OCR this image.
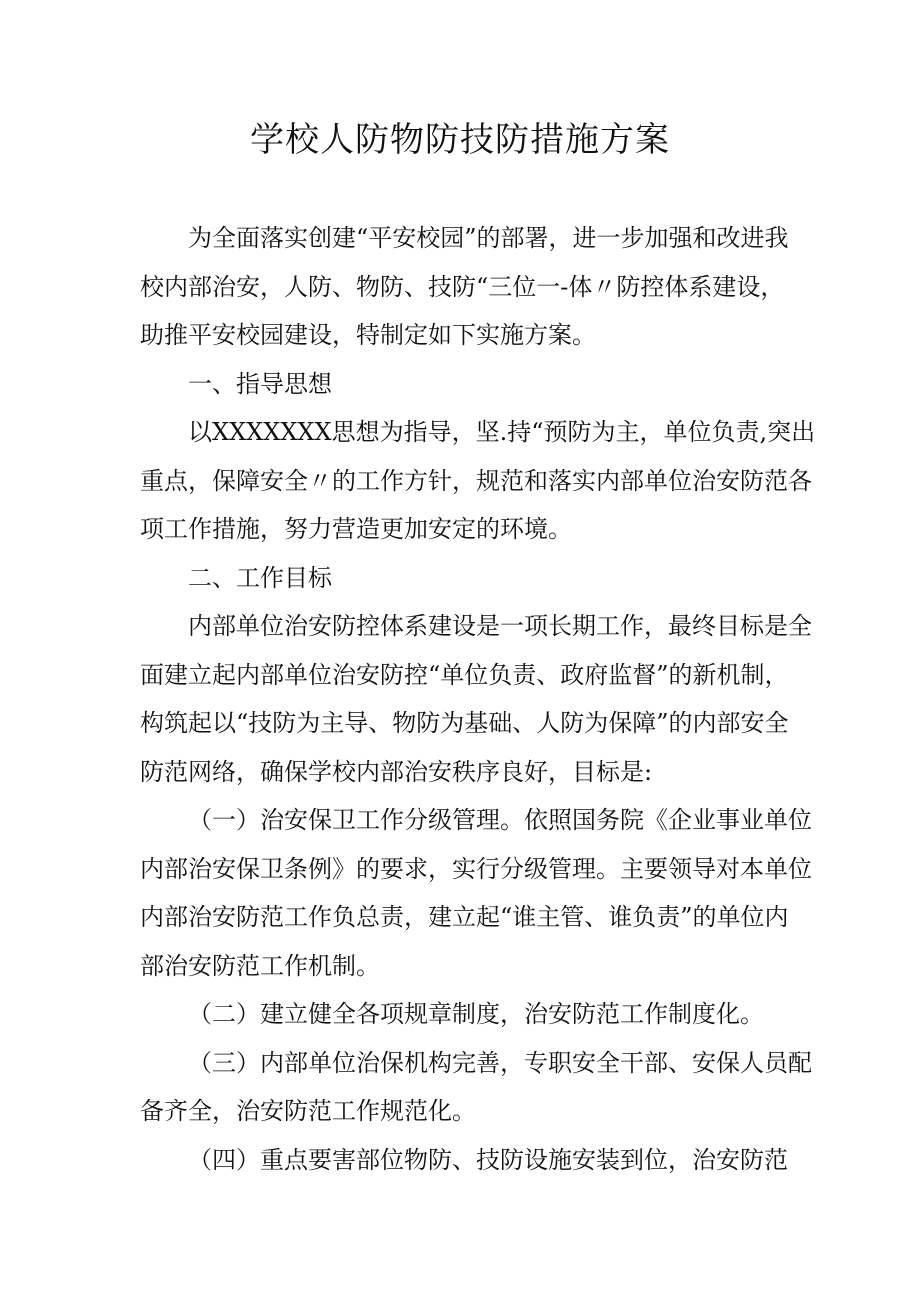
学校人防物防技防措施方案

为全面落实创建“平安校园”的部署，进一步加强和改进我
校内部治安，人防、物防、技防“三位一-体〃防控体系建设，
助推平安校园建设，特制定如下实施方案。

一、指导思想

以XXXXXXX思想为指导，坚.持“预防为主，单位负责,突出
重点，保障安全〃的工作方针，规范和落实内部单位治安防范各
项工作措施，努力营造更加安定的环境。

二、工作目标

内部单位治安防控体系建设是一项长期工作，最终目标是全
面建立起内部单位治安防控“单位负责、政府监督”的新机制，
构筑起以“技防为主导、物防为基础、人防为保障”的内部安全
防范网络，确保学校内部治安秩序良好，目标是:

（一）治安保卫工作分级管理。依照国务院《企业事业单位
内部治安保卫条例》的要求，实行分级管理。主要领导对本单位
内部治安防范工作负总责，建立起“谁主管、谁负责”的单位内
部治安防范工作机制。

（二）建立健全各项规章制度，治安防范工作制度化。

（三）内部单位治保机构完善，专职安全干部、安保人员配
备齐全，治安防范工作规范化。

（四）重点要害部位物防、技防设施安装到位，治安防范
